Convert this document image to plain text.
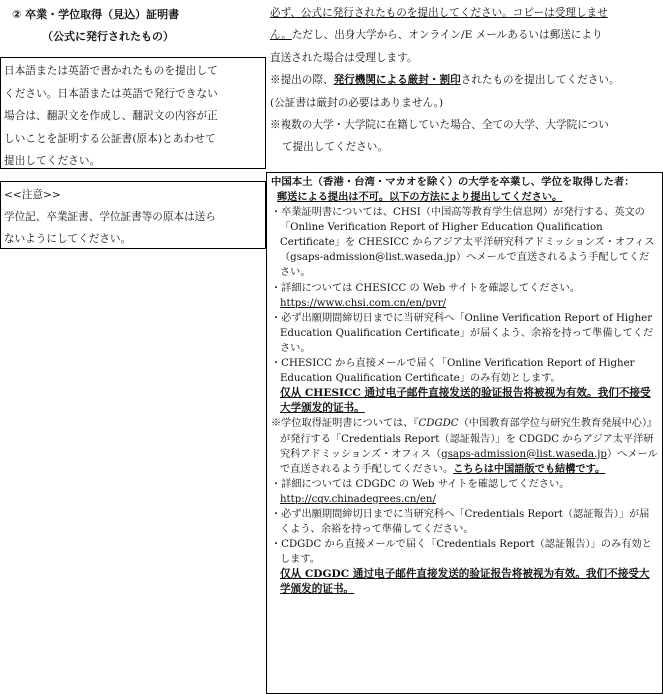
② 卒業・学位取得（見込）証明書
（公式に発行されたもの）
日本語または英語で書かれたものを提出して
ください。日本語または英語で発行できない
場合は、翻訳文を作成し、翻訳文の内容が正
しいことを証明する公証書(原本)とあわせて
提出してください。
<<注意>>
学位記、卒業証書、学位証書等の原本は送ら
ないようにしてください。
必ず、公式に発行されたものを提出してください。コピーは受理しませ
ん。ただし、出身大学から、オンライン/E メールあるいは郵送により
直送された場合は受理します。
※提出の際、発行機関による厳封・割印されたものを提出してください。
(公証書は厳封の必要はありません。)
※複数の大学・大学院に在籍していた場合、全ての大学、大学院につい
て提出してください。

中国本土（香港・台湾・マカオを除く）の大学を卒業し、学位を取得した者：

郵送による提出は不可。以下の方法により提出してください。

・卒業証明書については、CHSI（中国高等教育学生信息网）が発行する、英文の「Online Verification Report of Higher Education Qualification Certificate」を CHESICC からアジア太平洋研究科アドミッションズ・オフィス（gsaps-admission@list.waseda.jp）へメールで直送されるよう手配してください。

・詳細については CHESICC の Web サイトを確認してください。

https://www.chsi.com.cn/en/pvr/

・必ず出願期間締切日までに当研究科へ「Online Verification Report of Higher Education Qualification Certificate」が届くよう、余裕を持って準備してください。

・CHESICC から直接メールで届く「Online Verification Report of Higher Education Qualification Certificate」のみ有効とします。

仅从 CHESICC 通过电子邮件直接发送的验证报告将被视为有效。我们不接受大学颁发的证书。

※学位取得証明書については、『CDGDC（中国教育部学位与研究生教育発展中心）』が発行する「Credentials Report（認証報告）」を CDGDC からアジア太平洋研究科アドミッションズ・オフィス（gsaps-admission@list.waseda.jp）へメールで直送されるよう手配してください。こちらは中国語版でも結構です。

・詳細については CDGDC の Web サイトを確認してください。

http://cqv.chinadegrees.cn/en/

・必ず出願期間締切日までに当研究科へ「Credentials Report（認証報告）」が届くよう、余裕を持って準備してください。

・CDGDC から直接メールで届く「Credentials Report（認証報告）」のみ有効とします。

仅从 CDGDC 通过电子邮件直接发送的验证报告将被视为有效。我们不接受大学颁发的证书。
